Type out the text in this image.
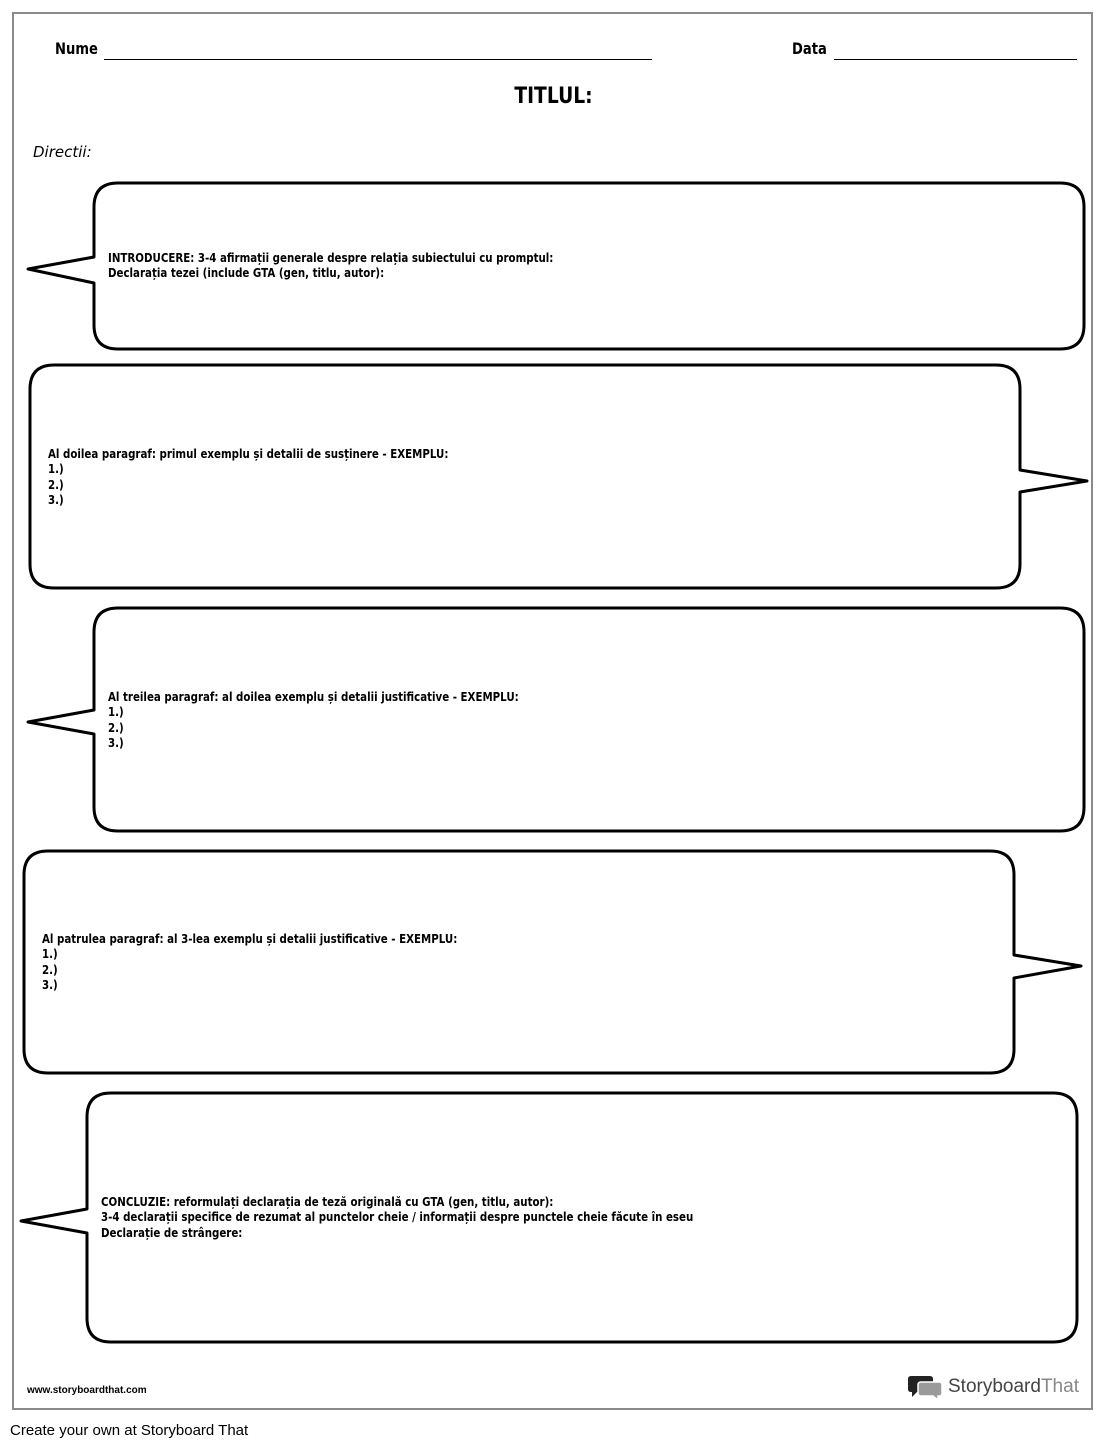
Nume	Data
TITLUL:
Directii:
INTRODUCERE: 3-4 afirmații generale despre relația subiectului cu promptul:
Declarația tezei (include GTA (gen, titlu, autor):
Al doilea paragraf: primul exemplu și detalii de susținere - EXEMPLU:
1.)
2.)
3.)
Al treilea paragraf: al doilea exemplu și detalii justificative - EXEMPLU:
1.)
2.)
3.)
Al patrulea paragraf: al 3-lea exemplu și detalii justificative - EXEMPLU:
1.)
2.)
3.)
CONCLUZIE: reformulați declarația de teză originală cu GTA (gen, titlu, autor):
3-4 declarații specifice de rezumat al punctelor cheie / informații despre punctele cheie făcute în eseu
Declarație de strângere:
www.storyboardthat.com	StoryboardThat
Create your own at Storyboard That
